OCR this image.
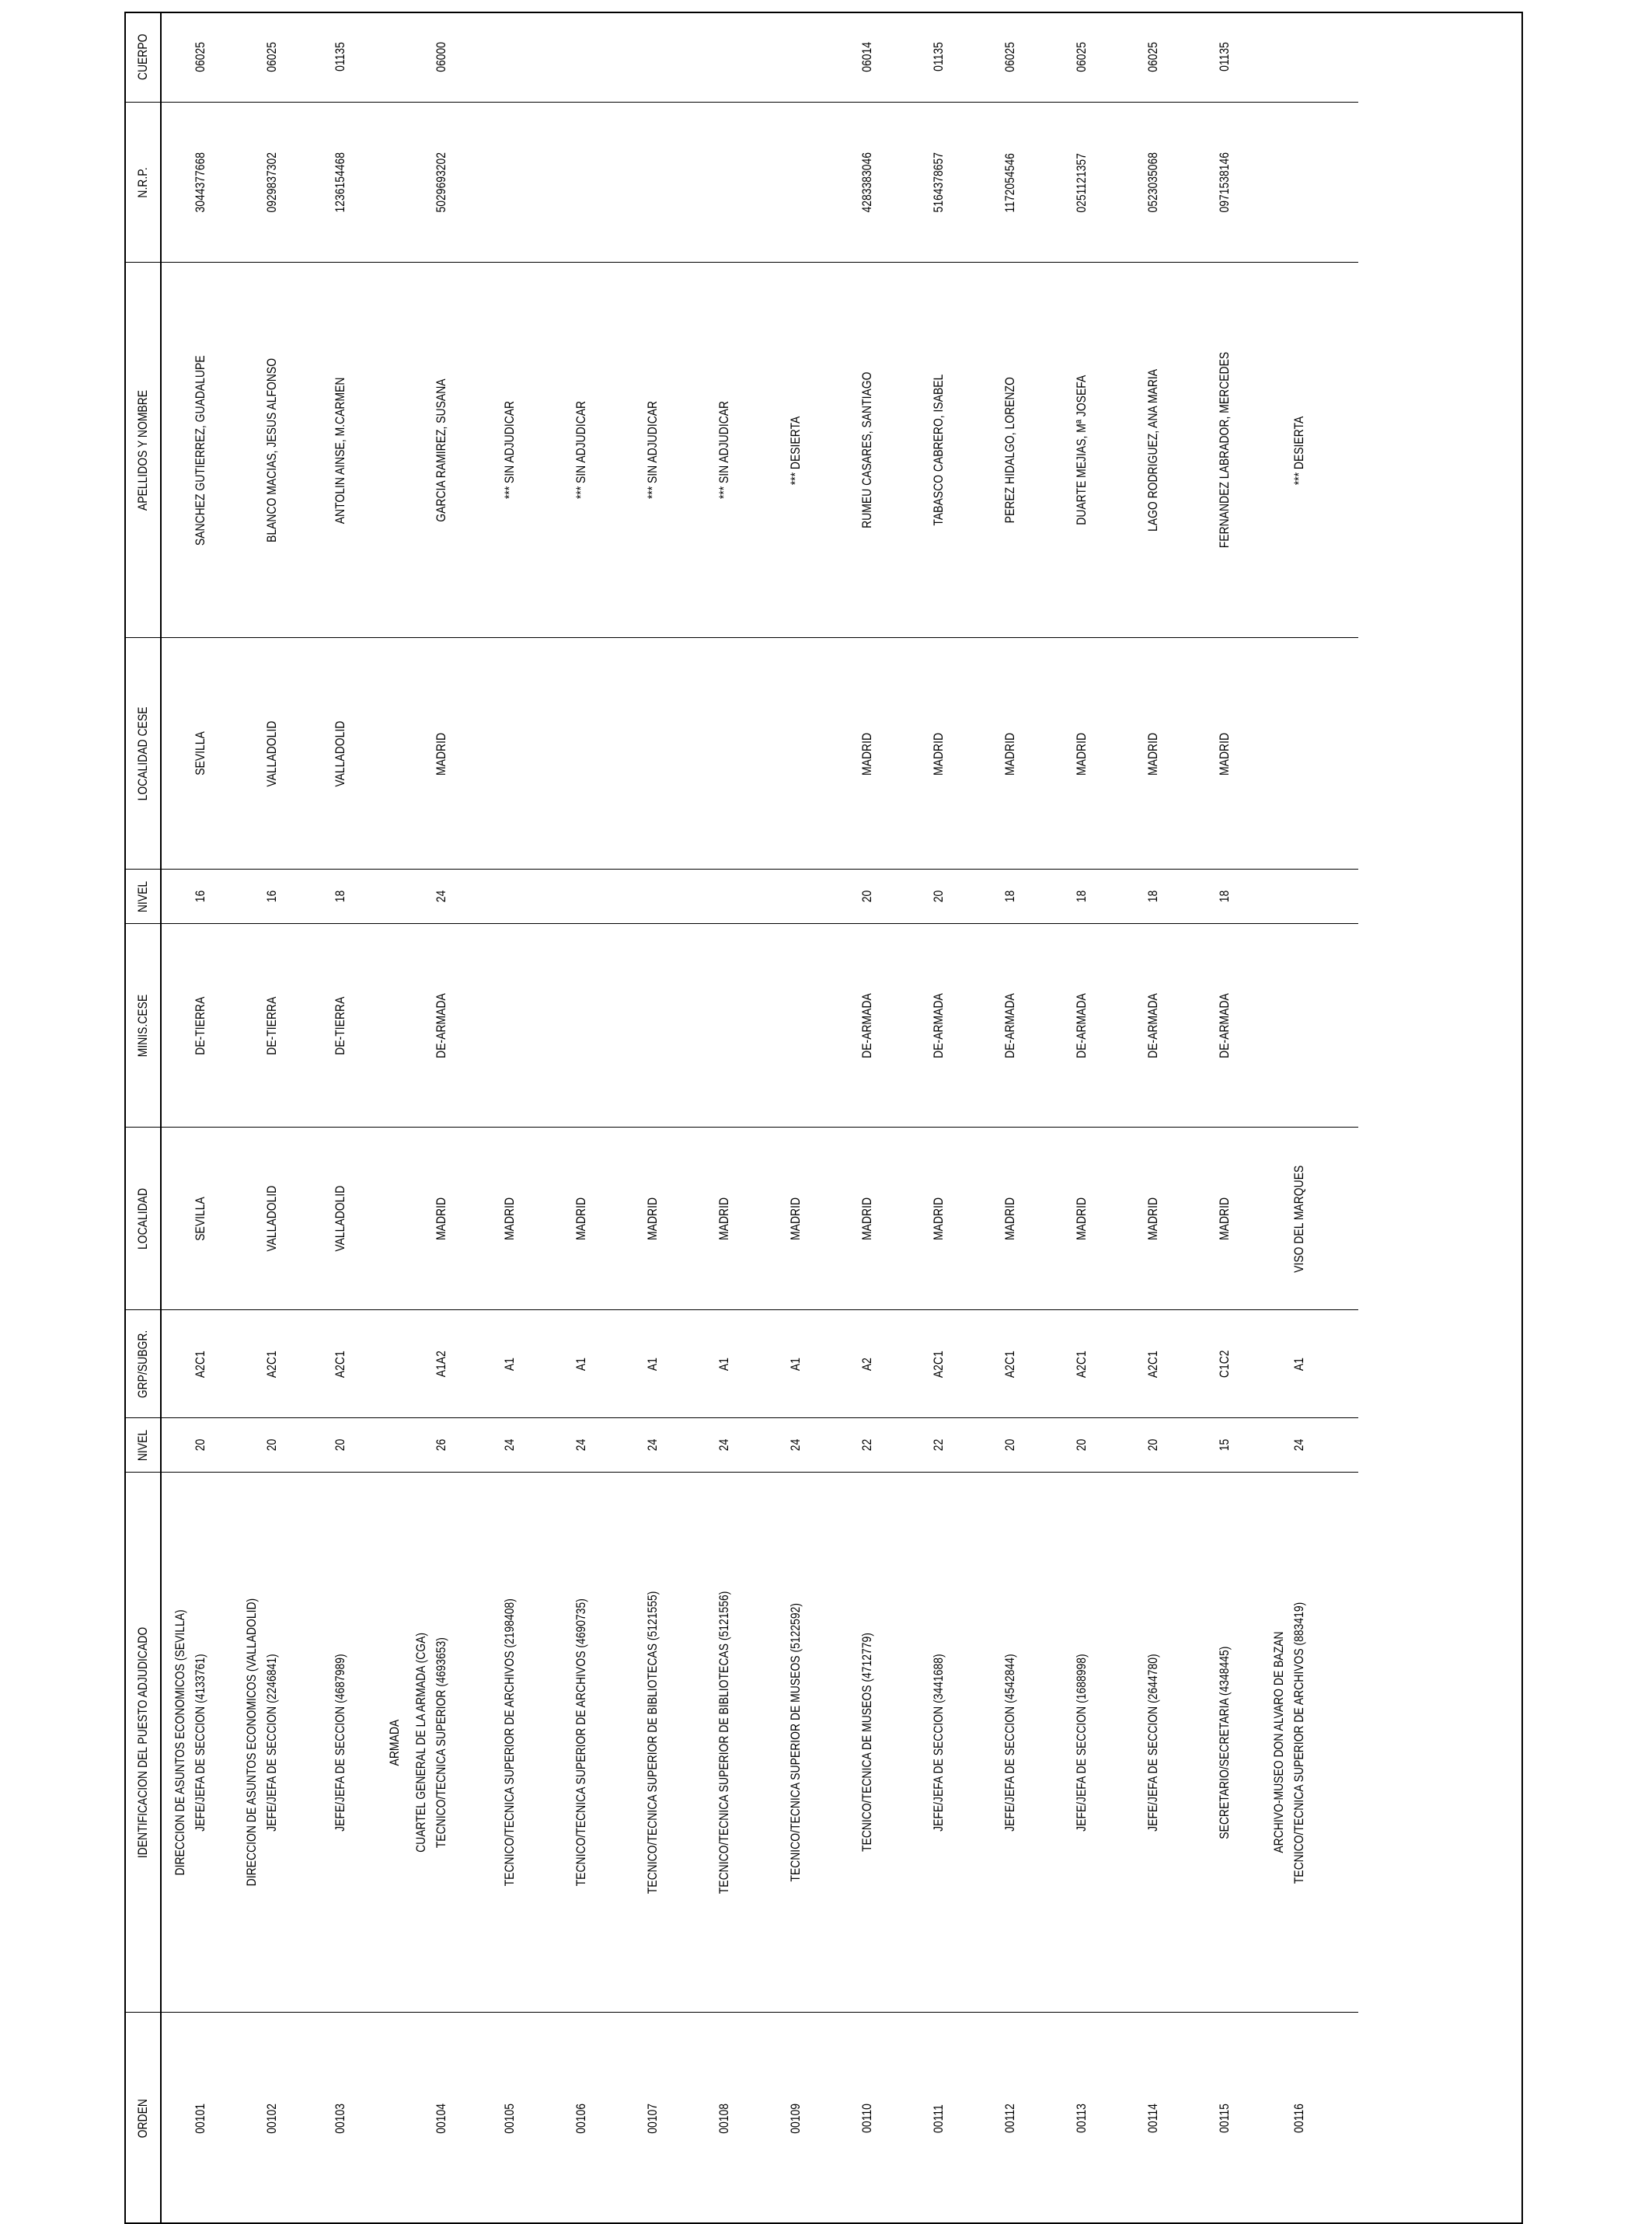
ORDEN	IDENTIFICACION DEL PUESTO ADJUDICADO	NIVEL	GRP/SUBGR.	LOCALIDAD	MINIS.CESE	NIVEL	LOCALIDAD CESE	APELLIDOS Y NOMBRE	N.R.P.	CUERPO
	DIRECCION DE ASUNTOS ECONOMICOS (SEVILLA)									
00101	JEFE/JEFA DE SECCION (4133761)	20	A2C1	SEVILLA	DE-TIERRA	16	SEVILLA	SANCHEZ GUTIERREZ, GUADALUPE	3044377668	06025
	DIRECCION DE ASUNTOS ECONOMICOS (VALLADOLID)									
00102	JEFE/JEFA DE SECCION (2246841)	20	A2C1	VALLADOLID	DE-TIERRA	16	VALLADOLID	BLANCO MACIAS, JESUS ALFONSO	0929837302	06025
00103	JEFE/JEFA DE SECCION (4687989)	20	A2C1	VALLADOLID	DE-TIERRA	18	VALLADOLID	ANTOLIN AINSE, M.CARMEN	1236154468	01135
	ARMADA									
	CUARTEL GENERAL DE LA ARMADA (CGA)									
00104	TECNICO/TECNICA SUPERIOR (4693653)	26	A1A2	MADRID	DE-ARMADA	24	MADRID	GARCIA RAMIREZ, SUSANA	5029693202	06000
00105	TECNICO/TECNICA SUPERIOR DE ARCHIVOS (2198408)	24	A1	MADRID				*** SIN ADJUDICAR		
00106	TECNICO/TECNICA SUPERIOR DE ARCHIVOS (4690735)	24	A1	MADRID				*** SIN ADJUDICAR		
00107	TECNICO/TECNICA SUPERIOR DE BIBLIOTECAS (5121555)	24	A1	MADRID				*** SIN ADJUDICAR		
00108	TECNICO/TECNICA SUPERIOR DE BIBLIOTECAS (5121556)	24	A1	MADRID				*** SIN ADJUDICAR		
00109	TECNICO/TECNICA SUPERIOR DE MUSEOS (5122592)	24	A1	MADRID				*** DESIERTA		
00110	TECNICO/TECNICA DE MUSEOS (4712779)	22	A2	MADRID	DE-ARMADA	20	MADRID	RUMEU CASARES, SANTIAGO	4283383046	06014
00111	JEFE/JEFA DE SECCION (3441688)	22	A2C1	MADRID	DE-ARMADA	20	MADRID	TABASCO CABRERO, ISABEL	5164378657	01135
00112	JEFE/JEFA DE SECCION (4542844)	20	A2C1	MADRID	DE-ARMADA	18	MADRID	PEREZ HIDALGO, LORENZO	1172054546	06025
00113	JEFE/JEFA DE SECCION (1688998)	20	A2C1	MADRID	DE-ARMADA	18	MADRID	DUARTE MEJIAS, Mª JOSEFA	0251121357	06025
00114	JEFE/JEFA DE SECCION (2644780)	20	A2C1	MADRID	DE-ARMADA	18	MADRID	LAGO RODRIGUEZ, ANA MARIA	0523035068	06025
00115	SECRETARIO/SECRETARIA (4348445)	15	C1C2	MADRID	DE-ARMADA	18	MADRID	FERNANDEZ LABRADOR, MERCEDES	0971538146	01135
	ARCHIVO-MUSEO DON ALVARO DE BAZAN									
00116	TECNICO/TECNICA SUPERIOR DE ARCHIVOS (883419)	24	A1	VISO DEL MARQUES				*** DESIERTA		
